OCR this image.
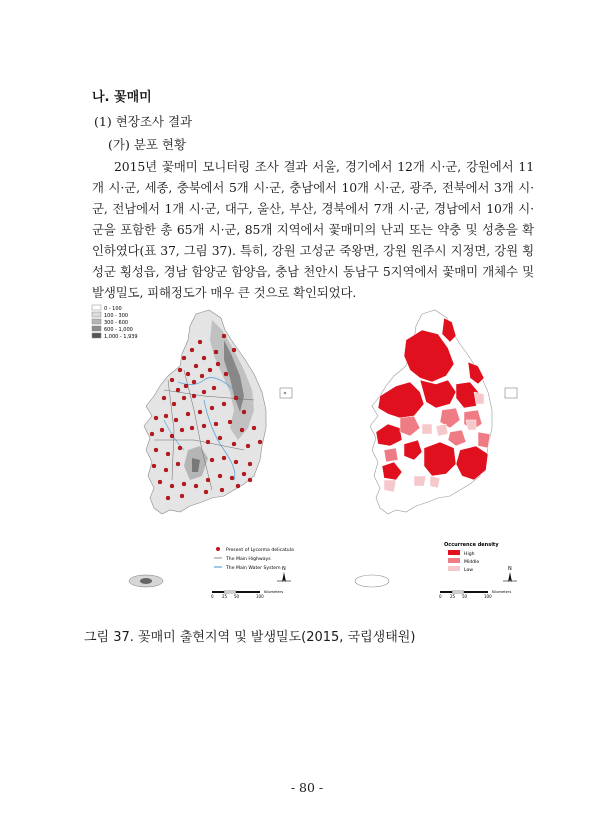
나. 꽃매미
(1) 현장조사 결과
(가) 분포 현황

2015년 꽃매미 모니터링 조사 결과 서울, 경기에서 12개 시·군, 강원에서 11개 시·군, 세종, 충북에서 5개 시·군, 충남에서 10개 시·군, 광주, 전북에서 3개 시·군, 전남에서 1개 시·군, 대구, 울산, 부산, 경북에서 7개 시·군, 경남에서 10개 시·군을 포함한 총 65개 시·군, 85개 지역에서 꽃매미의 난괴 또는 약충 및 성충을 확인하였다(표 37, 그림 37). 특히, 강원 고성군 죽왕면, 강원 원주시 지정면, 강원 횡성군 횡성읍, 경남 함양군 함양읍, 충남 천안시 동남구 5지역에서 꽃매미 개체수 및 발생밀도, 피해정도가 매우 큰 것으로 확인되었다.

0 - 100
100 - 300
300 - 600
600 - 1,000
1,000 - 1,939
Present of Lycorma delicatula
The Main Highways
The Main Water System N
0 25 50	100
Kilometers
Occurrence density
High
Middle
Low	N
0 25 50	100
Kilometers
그림 37. 꽃매미 출현지역 및 발생밀도(2015, 국립생태원)
- 80 -
